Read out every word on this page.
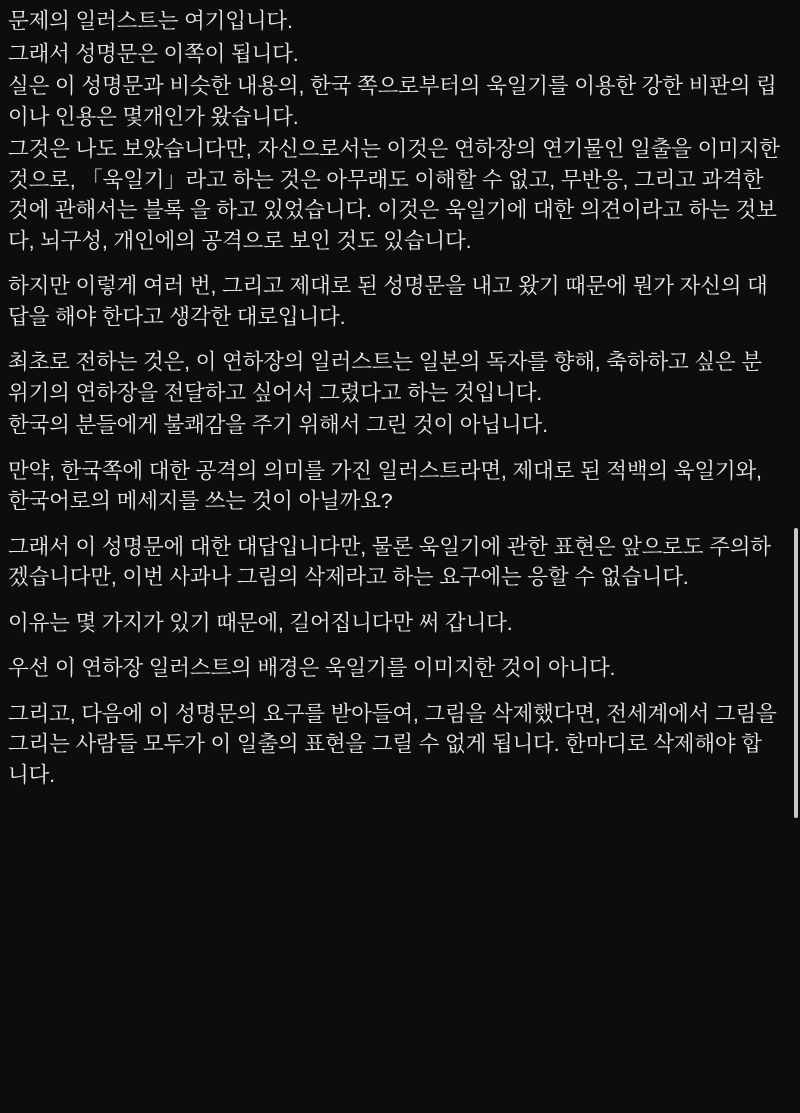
문제의 일러스트는 여기입니다.

그래서 성명문은 이쪽이 됩니다.

실은 이 성명문과 비슷한 내용의, 한국 쪽으로부터의 욱일기를 이용한 강한 비판의 립이나 인용은 몇개인가 왔습니다.

그것은 나도 보았습니다만, 자신으로서는 이것은 연하장의 연기물인 일출을 이미지한 것으로, 「욱일기」라고 하는 것은 아무래도 이해할 수 없고, 무반응, 그리고 과격한 것에 관해서는 블록 을 하고 있었습니다. 이것은 욱일기에 대한 의견이라고 하는 것보다, 뇌구성, 개인에의 공격으로 보인 것도 있습니다.

하지만 이렇게 여러 번, 그리고 제대로 된 성명문을 내고 왔기 때문에 뭔가 자신의 대답을 해야 한다고 생각한 대로입니다.

최초로 전하는 것은, 이 연하장의 일러스트는 일본의 독자를 향해, 축하하고 싶은 분위기의 연하장을 전달하고 싶어서 그렸다고 하는 것입니다.

한국의 분들에게 불쾌감을 주기 위해서 그린 것이 아닙니다.

만약, 한국쪽에 대한 공격의 의미를 가진 일러스트라면, 제대로 된 적백의 욱일기와, 한국어로의 메세지를 쓰는 것이 아닐까요?

그래서 이 성명문에 대한 대답입니다만, 물론 욱일기에 관한 표현은 앞으로도 주의하겠습니다만, 이번 사과나 그림의 삭제라고 하는 요구에는 응할 수 없습니다.

이유는 몇 가지가 있기 때문에, 길어집니다만 써 갑니다.

우선 이 연하장 일러스트의 배경은 욱일기를 이미지한 것이 아니다.

그리고, 다음에 이 성명문의 요구를 받아들여, 그림을 삭제했다면, 전세계에서 그림을 그리는 사람들 모두가 이 일출의 표현을 그릴 수 없게 됩니다. 한마디로 삭제해야 합니다.
